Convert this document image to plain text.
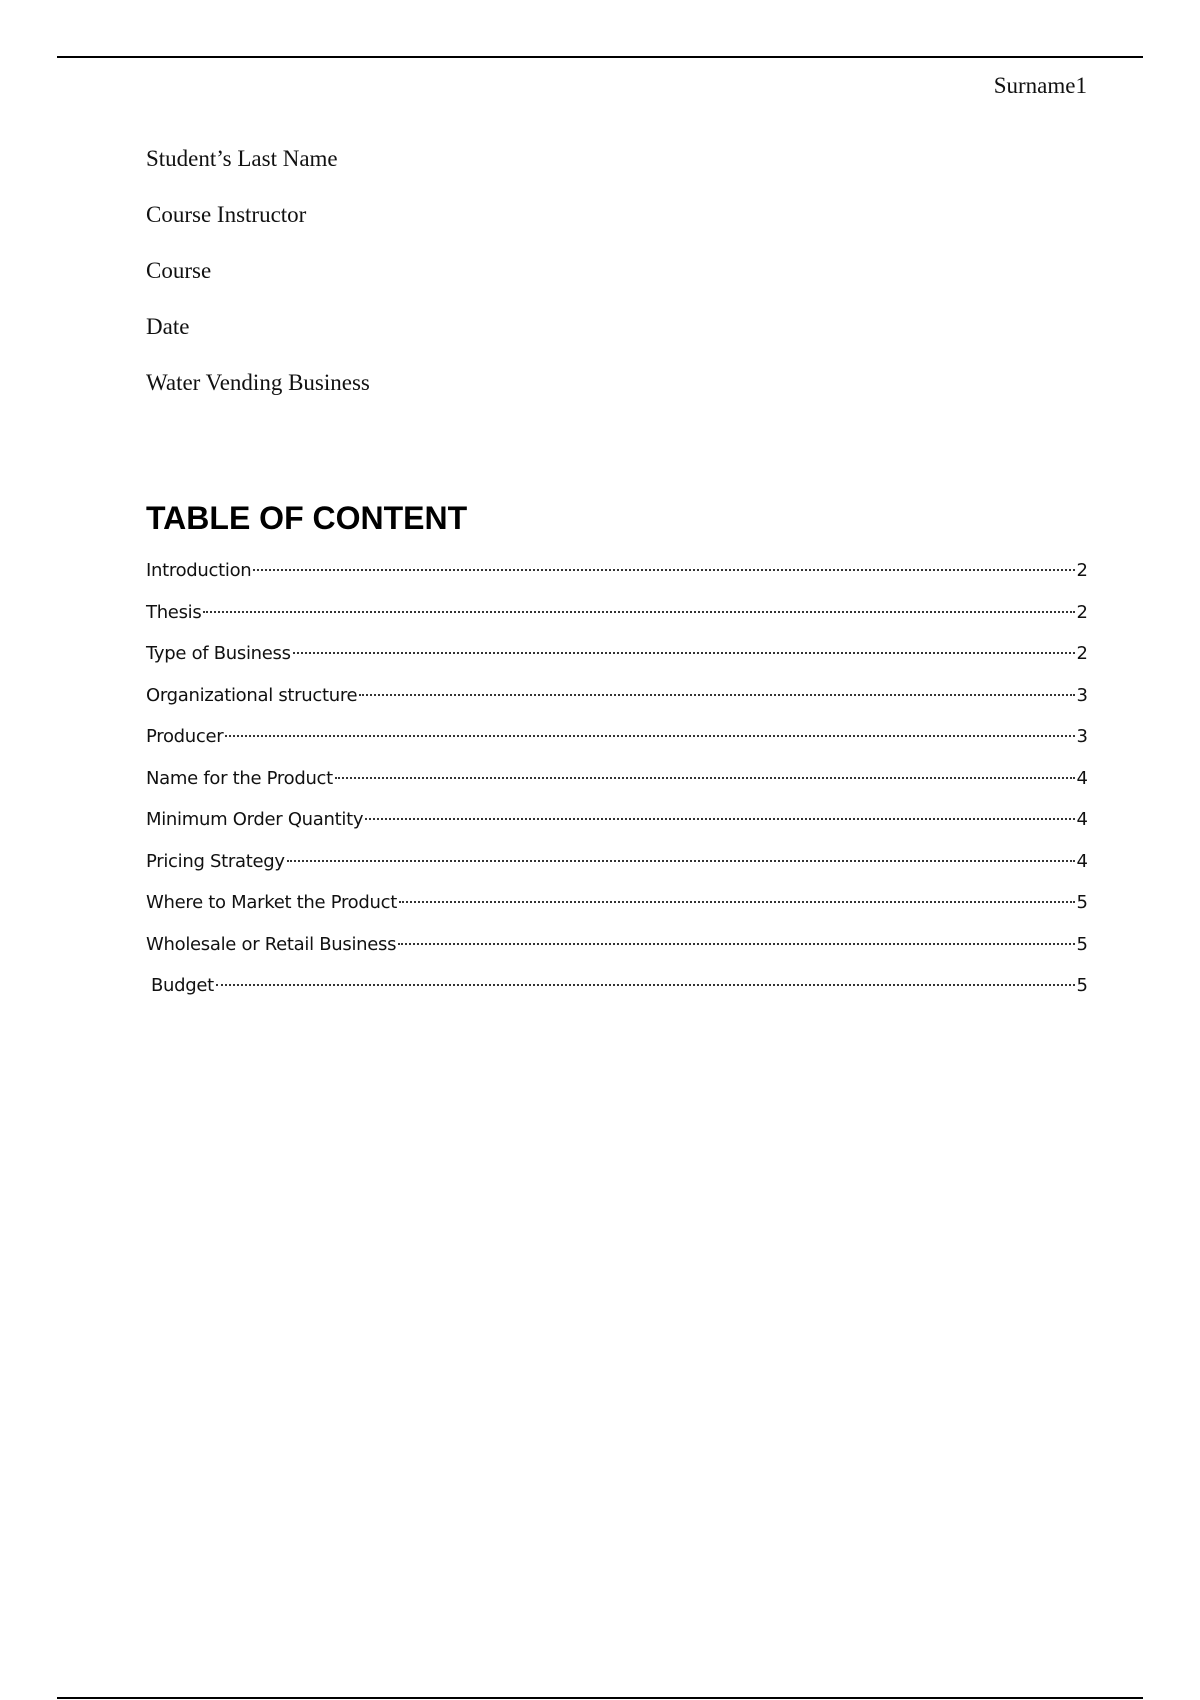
Surname1
Student’s Last Name
Course Instructor
Course
Date
Water Vending Business
TABLE OF CONTENT
Introduction	2
Thesis	2
Type of Business	2
Organizational structure	3
Producer	3
Name for the Product	4
Minimum Order Quantity	4
Pricing Strategy	4
Where to Market the Product	5
Wholesale or Retail Business	5
Budget	5
